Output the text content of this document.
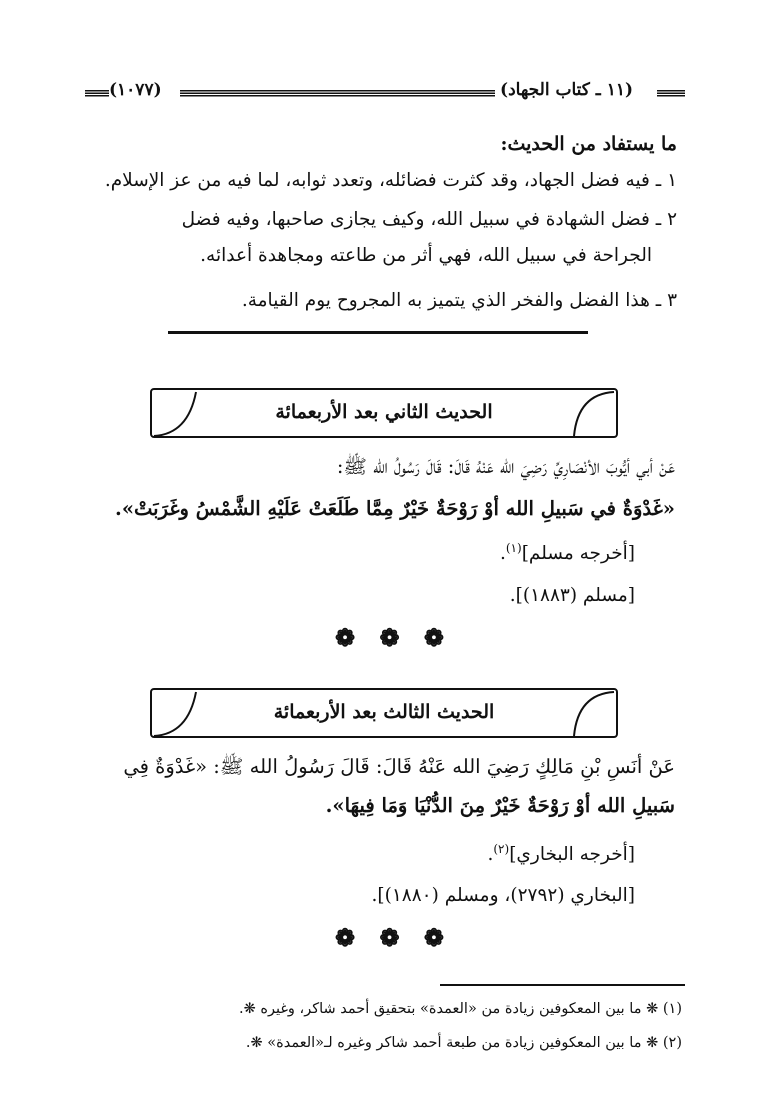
(١١ ـ كتاب الجهاد)
(١٠٧٧)
ما يستفاد من الحديث:
١ ـ فيه فضل الجهاد، وقد كثرت فضائله، وتعدد ثوابه، لما فيه من عز الإسلام.
٢ ـ فضل الشهادة في سبيل الله، وكيف يجازى صاحبها، وفيه فضل
الجراحة في سبيل الله، فهي أثر من طاعته ومجاهدة أعدائه.
٣ ـ هذا الفضل والفخر الذي يتميز به المجروح يوم القيامة.
الحديث الثاني بعد الأربعمائة
عَنْ أبي أيُّوبَ الأنْصَارِيِّ رَضِيَ الله عَنْهُ قَالَ: قَالَ رَسُولُ الله ﷺ:
«غَدْوَةٌ في سَبيلِ الله أوْ رَوْحَةٌ خَيْرٌ مِمَّا طَلَعَتْ عَلَيْهِ الشَّمْسُ وغَرَبَتْ».
[أخرجه مسلم]$^{(١)}$.
[مسلم (١٨٨٣)].
❁ ❁ ❁
الحديث الثالث بعد الأربعمائة
عَنْ أنَسِ بْنِ مَالِكٍ رَضِيَ الله عَنْهُ قَالَ: قَالَ رَسُولُ الله ﷺ: «غَدْوَةٌ فِي
سَبيلِ الله أوْ رَوْحَةٌ خَيْرٌ مِنَ الدُّنْيَا وَمَا فِيهَا».
[أخرجه البخاري]$^{(٢)}$.
[البخاري (٢٧٩٢)، ومسلم (١٨٨٠)].
❁ ❁ ❁
(١) ❋ ما بين المعكوفين زيادة من «العمدة» بتحقيق أحمد شاكر، وغيره ❋.
(٢) ❋ ما بين المعكوفين زيادة من طبعة أحمد شاكر وغيره لـ«العمدة» ❋.
